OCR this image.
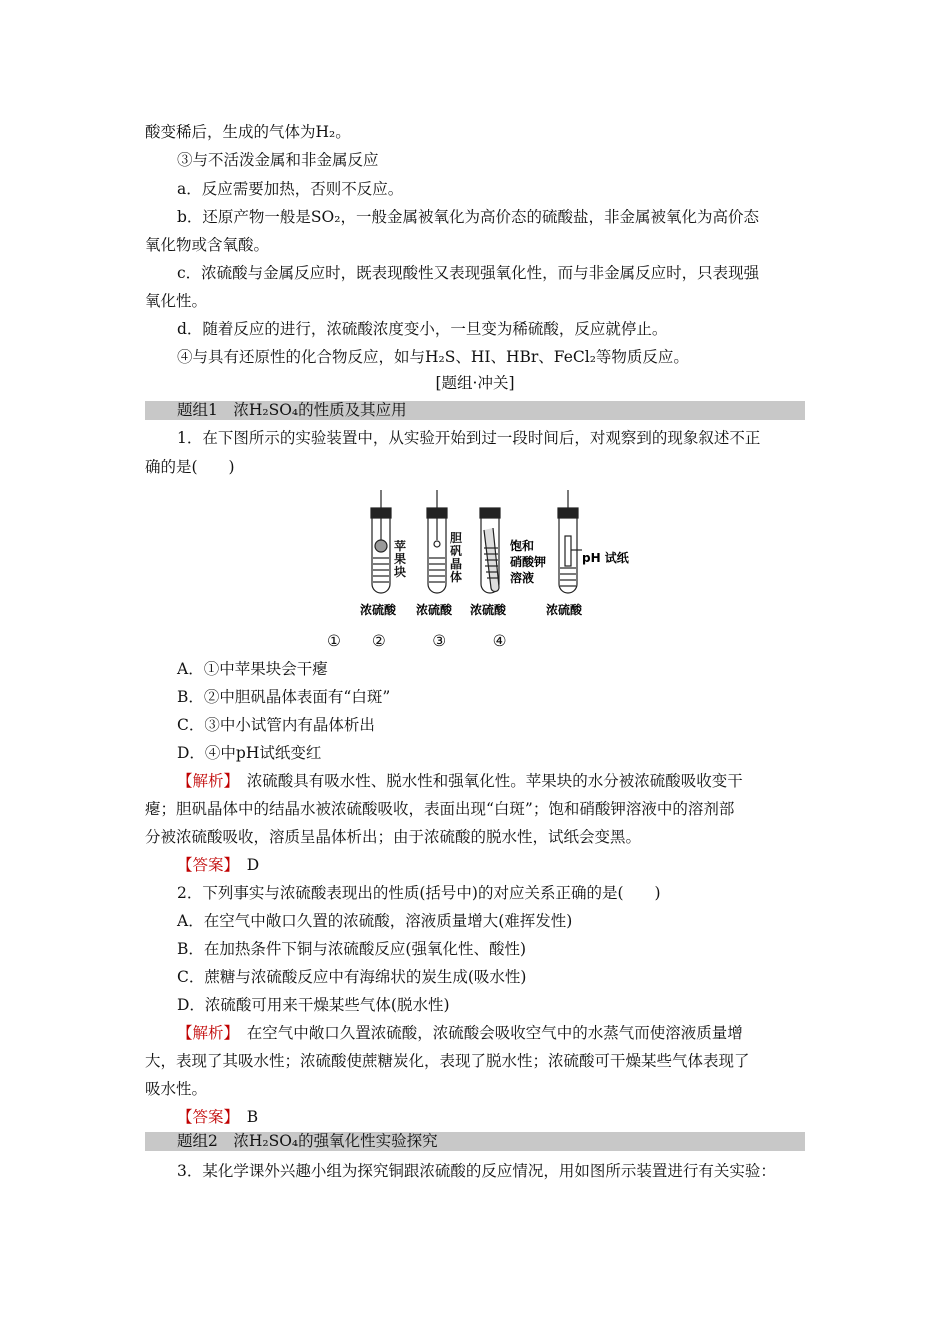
酸变稀后，生成的气体为H₂。
③与不活泼金属和非金属反应
a．反应需要加热，否则不反应。
b．还原产物一般是SO₂，一般金属被氧化为高价态的硫酸盐，非金属被氧化为高价态
氧化物或含氧酸。
c．浓硫酸与金属反应时，既表现酸性又表现强氧化性，而与非金属反应时，只表现强
氧化性。
d．随着反应的进行，浓硫酸浓度变小，一旦变为稀硫酸，反应就停止。
④与具有还原性的化合物反应，如与H₂S、HI、HBr、FeCl₂等物质反应。
[题组·冲关]
题组1　浓H₂SO₄的性质及其应用
1．在下图所示的实验装置中，从实验开始到过一段时间后，对观察到的现象叙述不正
确的是(　　)
苹果块
胆矾晶体
饱和
硝酸钾
溶液
pH 试纸
浓硫酸 浓硫酸 浓硫酸	浓硫酸
①　　②　　　③　　　④
A．①中苹果块会干瘪
B．②中胆矾晶体表面有“白斑”
C．③中小试管内有晶体析出
D．④中pH试纸变红
【解析】　浓硫酸具有吸水性、脱水性和强氧化性。苹果块的水分被浓硫酸吸收变干
瘪；胆矾晶体中的结晶水被浓硫酸吸收，表面出现“白斑”；饱和硝酸钾溶液中的溶剂部
分被浓硫酸吸收，溶质呈晶体析出；由于浓硫酸的脱水性，试纸会变黑。
【答案】　D
2．下列事实与浓硫酸表现出的性质(括号中)的对应关系正确的是(　　)
A．在空气中敞口久置的浓硫酸，溶液质量增大(难挥发性)
B．在加热条件下铜与浓硫酸反应(强氧化性、酸性)
C．蔗糖与浓硫酸反应中有海绵状的炭生成(吸水性)
D．浓硫酸可用来干燥某些气体(脱水性)
【解析】　在空气中敞口久置浓硫酸，浓硫酸会吸收空气中的水蒸气而使溶液质量增
大，表现了其吸水性；浓硫酸使蔗糖炭化，表现了脱水性；浓硫酸可干燥某些气体表现了
吸水性。
【答案】　B
题组2　浓H₂SO₄的强氧化性实验探究
3．某化学课外兴趣小组为探究铜跟浓硫酸的反应情况，用如图所示装置进行有关实验：
